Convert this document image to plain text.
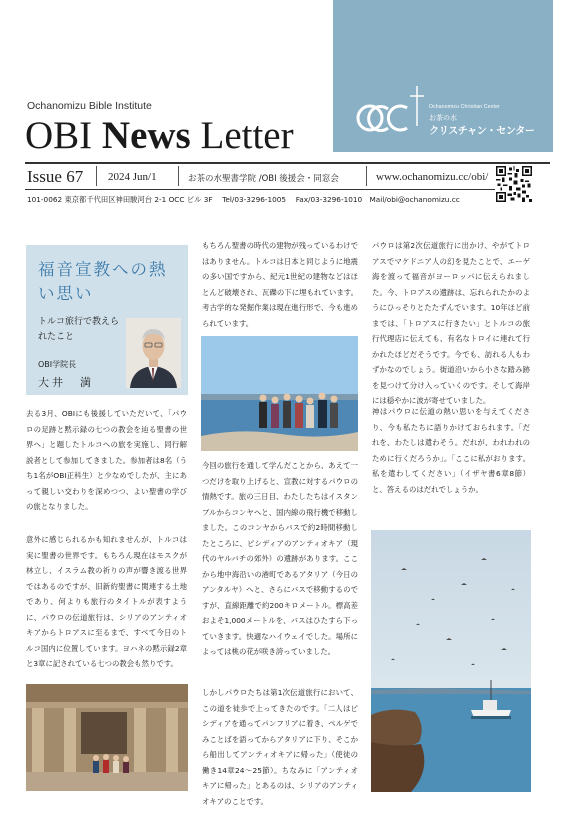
Ochanomizu Bible Institute
OBI News Letter
Ochanomizu Christian Center
お茶の水
クリスチャン・センター
Issue 67 2024 Jun/1	お茶の水聖書学院 /OBI 後援会・同窓会	www.ochanomizu.cc/obi/
101-0062 東京都千代田区神田駿河台 2-1 OCC ビル 3F　 Tel/03-3296-1005　 Fax/03-3296-1010　Mail/obi@ochanomizu.cc
福音宣教への熱い思い
トルコ旅行で教えられたこと
OBI学院長
大井　満

去る3月、OBIにも後援していただいて、「パウロの足跡と黙示録の七つの教会を辿る聖書の世界へ」と題したトルコへの旅を実施し、同行解説者として参加してきました。参加者は8名（うち1名がOBI正科生）と少なめでしたが、主にあって親しい交わりを深めつつ、よい聖書の学びの旅となりました。

意外に感じられるかも知れませんが、トルコは実に聖書の世界です。もちろん現在はモスクが林立し、イスラム教の祈りの声が響き渡る世界ではあるのですが、旧新約聖書に関連する土地であり、何よりも旅行のタイトルが表すように、パウロの伝道旅行は、シリアのアンティオキアからトロアスに至るまで、すべて今日のトルコ国内に位置しています。ヨハネの黙示録2章と3章に記されている七つの教会も然りです。

もちろん聖書の時代の建物が残っているわけではありません。トルコは日本と同じように地震の多い国ですから、紀元1世紀の建物などはほとんど破壊され、瓦礫の下に埋もれています。考古学的な発掘作業は現在進行形で、今も進められています。

今回の旅行を通して学んだことから、あえて一つだけを取り上げると、宣教に対するパウロの情熱です。旅の三日目、わたしたちはイスタンブルからコンヤへと、国内線の飛行機で移動しました。このコンヤからバスで約2時間移動したところに、ピシディアのアンティオキア（現代のヤルバチの郊外）の遺跡があります。ここから地中海沿いの港町であるアタリア（今日のアンタルヤ）へと、さらにバスで移動するのですが、直線距離で約200キロメートル。標高差およそ1,000メートルを、バスはひたすら下っていきます。快適なハイウェイでした。場所によっては桃の花が咲き誇っていました。

しかしパウロたちは第1次伝道旅行において、この道を徒歩で上ってきたのです。「二人はピシディアを通ってパンフリアに着き、ペルゲでみことばを語ってからアタリアに下り、そこから船出してアンティオキアに帰った」（使徒の働き14章24〜25節）。ちなみに「アンティオキアに帰った」とあるのは、シリアのアンティオキアのことです。

パウロは第2次伝道旅行に出かけ、やがてトロアスでマケドニア人の幻を見たことで、エーゲ海を渡って福音がヨーロッパに伝えられました。今、トロアスの遺跡は、忘れられたかのようにひっそりとたたずんでいます。10年ほど前までは、「トロアスに行きたい」とトルコの旅行代理店に伝えても、有名なトロイに連れて行かれたほどだそうです。今でも、訪れる人もわずかなのでしょう。街道沿いから小さな踏み跡を見つけて分け入っていくのです。そして海岸には穏やかに波が寄せていました。

神はパウロに伝道の熱い思いを与えてくださり、今も私たちに語りかけておられます。「だれを、わたしは遣わそう。だれが、われわれのために行くだろうか」。「ここに私がおります。私を遣わしてください」（イザヤ書6章8節）と、答えるのはだれでしょうか。
